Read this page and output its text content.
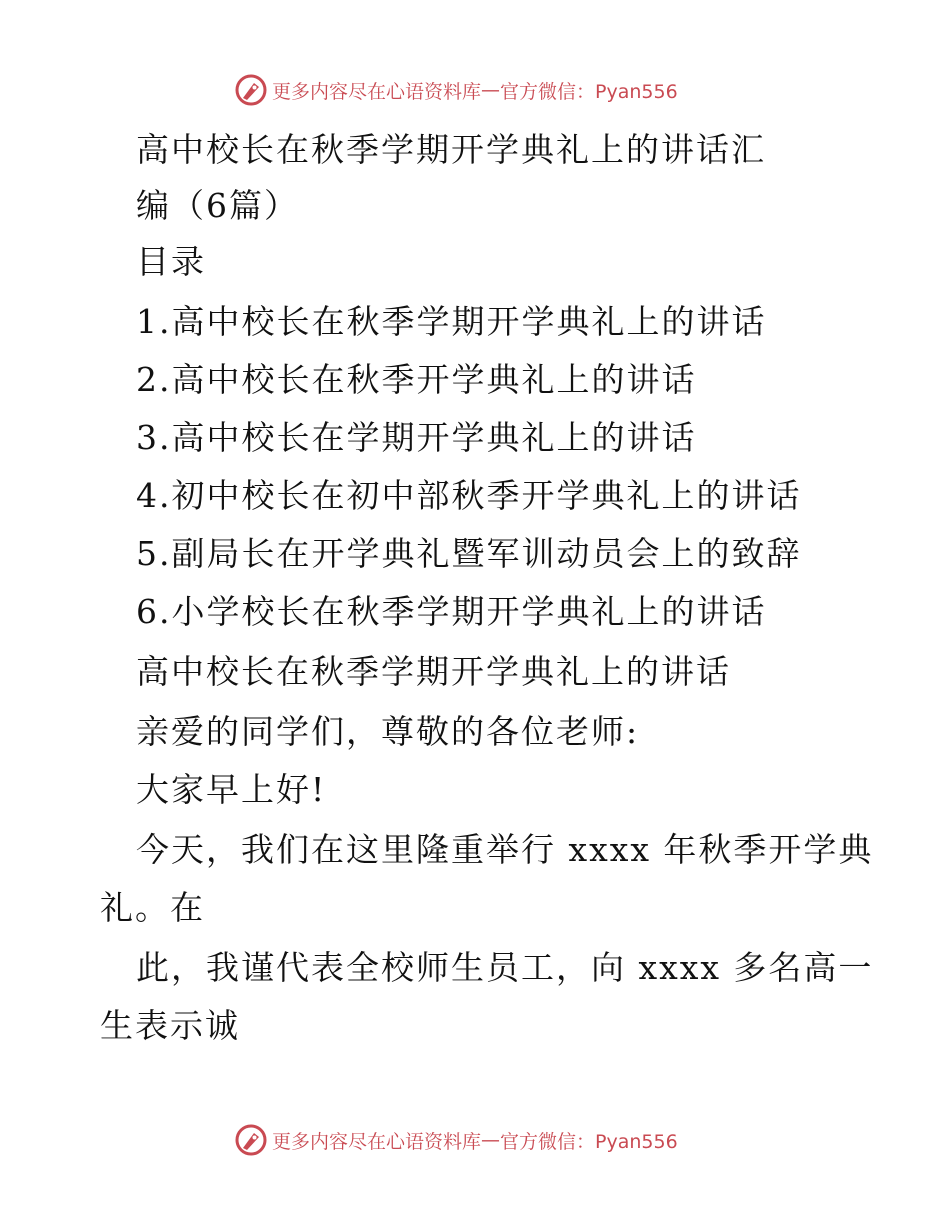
更多内容尽在心语资料库 — 官方微信：Pyan556
高中校长在秋季学期开学典礼上的讲话汇
编（6篇）
目录
1.高中校长在秋季学期开学典礼上的讲话
2.高中校长在秋季开学典礼上的讲话
3.高中校长在学期开学典礼上的讲话
4.初中校长在初中部秋季开学典礼上的讲话
5.副局长在开学典礼暨军训动员会上的致辞
6.小学校长在秋季学期开学典礼上的讲话
高中校长在秋季学期开学典礼上的讲话
亲爱的同学们，尊敬的各位老师:
大家早上好!
今天，我们在这里隆重举行 xxxx 年秋季开学典
礼。在
此，我谨代表全校师生员工，向 xxxx 多名高一
生表示诚
更多内容尽在心语资料库 — 官方微信：Pyan556
